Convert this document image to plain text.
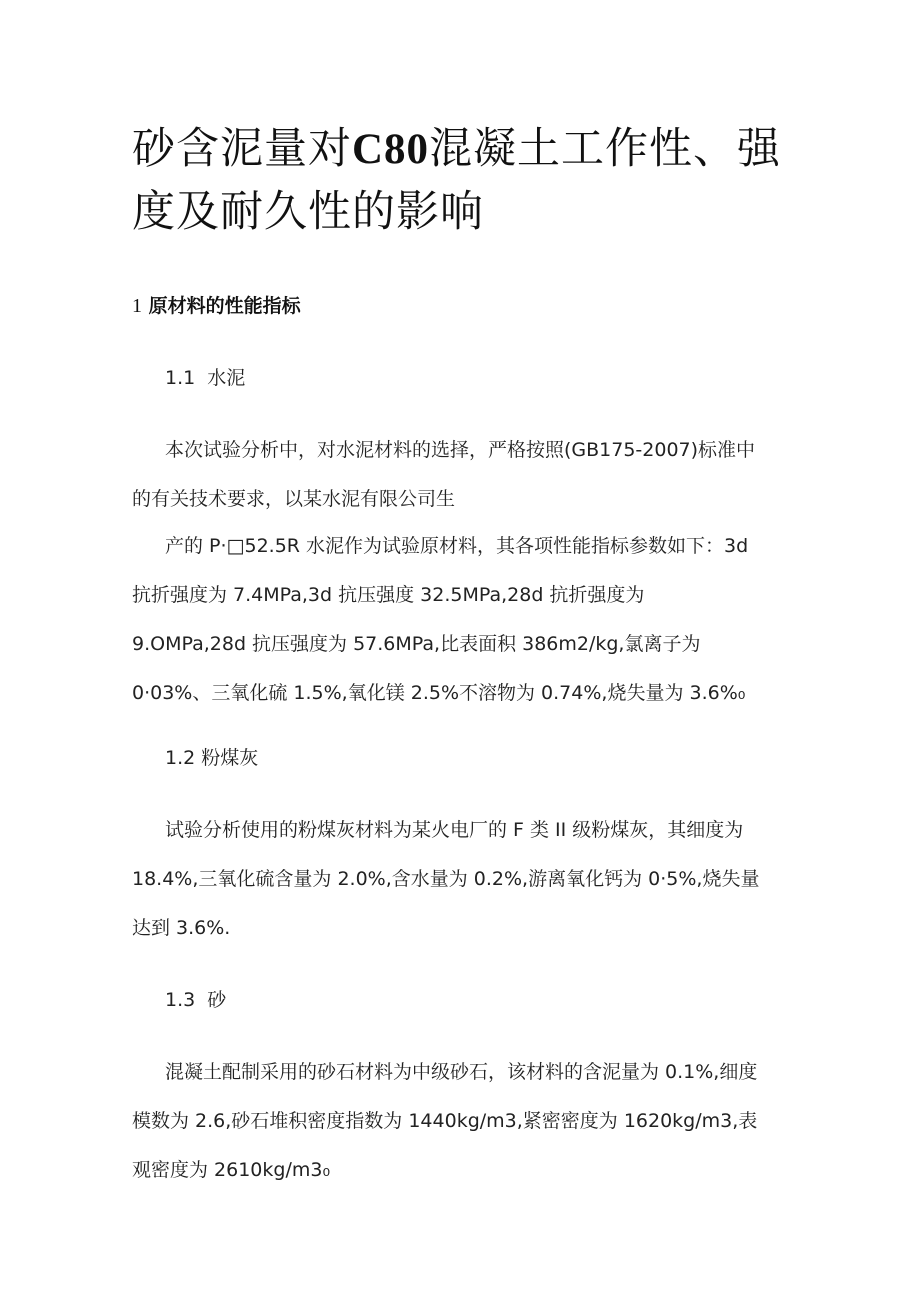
砂含泥量对C80混凝土工作性、强
度及耐久性的影响
1 原材料的性能指标
1.1  水泥
本次试验分析中，对水泥材料的选择，严格按照(GB175-2007)标准中
的有关技术要求，以某水泥有限公司生
产的 P·□52.5R 水泥作为试验原材料，其各项性能指标参数如下：3d
抗折强度为 7.4MPa,3d 抗压强度 32.5MPa,28d 抗折强度为
9.OMPa,28d 抗压强度为 57.6MPa,比表面积 386m2∕kg,氯离子为
0·03%、三氧化硫 1.5%,氧化镁 2.5%不溶物为 0.74%,烧失量为 3.6%₀
1.2 粉煤灰
试验分析使用的粉煤灰材料为某火电厂的 F 类 II 级粉煤灰，其细度为
18.4%,三氧化硫含量为 2.0%,含水量为 0.2%,游离氧化钙为 0·5%,烧失量
达到 3.6%.
1.3  砂
混凝土配制采用的砂石材料为中级砂石，该材料的含泥量为 0.1%,细度
模数为 2.6,砂石堆积密度指数为 1440kg/m3,紧密密度为 1620kg∕m3,表
观密度为 2610kg∕m3₀
